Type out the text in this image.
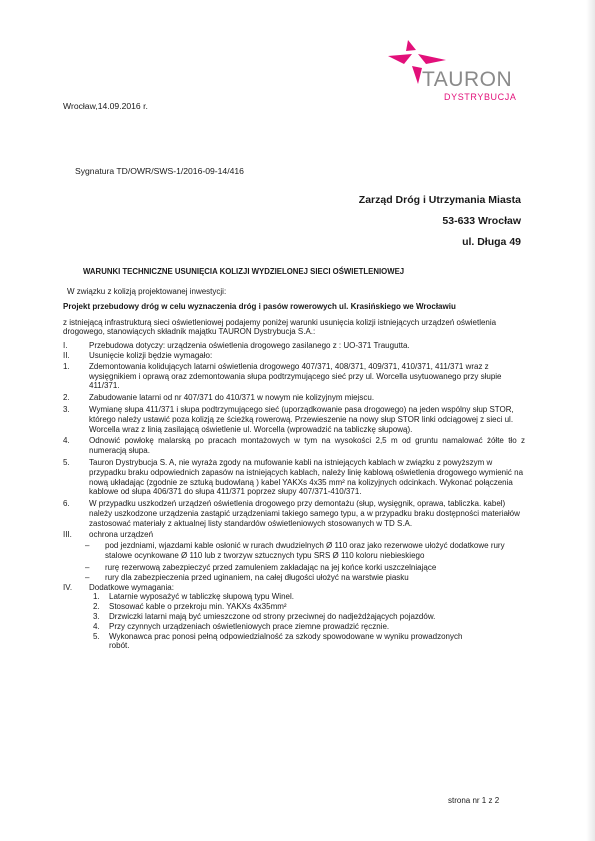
TAURON
DYSTRYBUCJA
Wrocław,14.09.2016 r.
Sygnatura TD/OWR/SWS-1/2016-09-14/416
Zarząd Dróg i Utrzymania Miasta
53-633 Wrocław
ul. Długa 49
WARUNKI TECHNICZNE USUNIĘCIA KOLIZJI WYDZIELONEJ SIECI OŚWIETLENIOWEJ
W związku z kolizją projektowanej inwestycji:
Projekt przebudowy dróg w celu wyznaczenia dróg i pasów rowerowych ul. Krasińskiego we Wrocławiu
z istniejącą infrastrukturą sieci oświetleniowej podajemy poniżej warunki usunięcia kolizji istniejących urządzeń oświetlenia drogowego, stanowiących składnik majątku TAURON Dystrybucja S.A.:
I.	Przebudowa dotyczy: urządzenia oświetlenia drogowego zasilanego z : UO-371 Traugutta.
II. Usunięcie kolizji będzie wymagało:
1. Zdemontowania kolidujących latarni oświetlenia drogowego 407/371, 408/371, 409/371, 410/371, 411/371 wraz z wysięgnikiem i oprawą oraz zdemontowania słupa podtrzymującego sieć przy ul. Worcella usytuowanego przy słupie 411/371.
2. Zabudowanie latarni od nr 407/371 do 410/371 w nowym nie kolizyjnym miejscu.
3. Wymianę słupa 411/371 i słupa podtrzymującego sieć (uporządkowanie pasa drogowego) na jeden wspólny słup STOR, którego należy ustawić poza kolizją ze ścieżką rowerową. Przewieszenie na nowy słup STOR linki odciągowej z sieci ul. Worcella wraz z linią zasilającą oświetlenie ul. Worcella (wprowadzić na tabliczkę słupową).
4. Odnowić powłokę malarską po pracach montażowych w tym na wysokości 2,5 m od gruntu namalować żółte tło z numeracją słupa.
5. Tauron Dystrybucja S. A, nie wyraża zgody na mufowanie kabli na istniejących kablach w związku z powyższym w przypadku braku odpowiednich zapasów na istniejących kablach, należy linię kablową oświetlenia drogowego wymienić na nową układając (zgodnie ze sztuką budowlaną ) kabel YAKXs 4x35 mm² na kolizyjnych odcinkach. Wykonać połączenia kablowe od słupa 406/371 do słupa 411/371 poprzez słupy 407/371-410/371.
6. W przypadku uszkodzeń urządzeń oświetlenia drogowego przy demontażu (słup, wysięgnik, oprawa, tabliczka. kabel) należy uszkodzone urządzenia zastąpić urządzeniami takiego samego typu, a w przypadku braku dostępności materiałów zastosować materiały z aktualnej listy standardów oświetleniowych stosowanych w TD S.A.
III. ochrona urządzeń
– pod jezdniami, wjazdami kable osłonić w rurach dwudzielnych Ø 110 oraz jako rezerwowe ułożyć dodatkowe rury stalowe ocynkowane Ø 110 lub z tworzyw sztucznych typu SRS Ø 110 koloru niebieskiego
– rurę rezerwową zabezpieczyć przed zamuleniem zakładając na jej końce korki uszczelniające
– rury dla zabezpieczenia przed uginaniem, na całej długości ułożyć na warstwie piasku
IV. Dodatkowe wymagania:
1. Latarnie wyposażyć w tabliczkę słupową typu Winel.
2. Stosować kable o przekroju min. YAKXs 4x35mm²
3. Drzwiczki latarni mają być umieszczone od strony przeciwnej do nadjeżdżających pojazdów.
4. Przy czynnych urządzeniach oświetleniowych prace ziemne prowadzić ręcznie.
5. Wykonawca prac ponosi pełną odpowiedzialność za szkody spowodowane w wyniku prowadzonych robót.
strona nr 1 z 2
